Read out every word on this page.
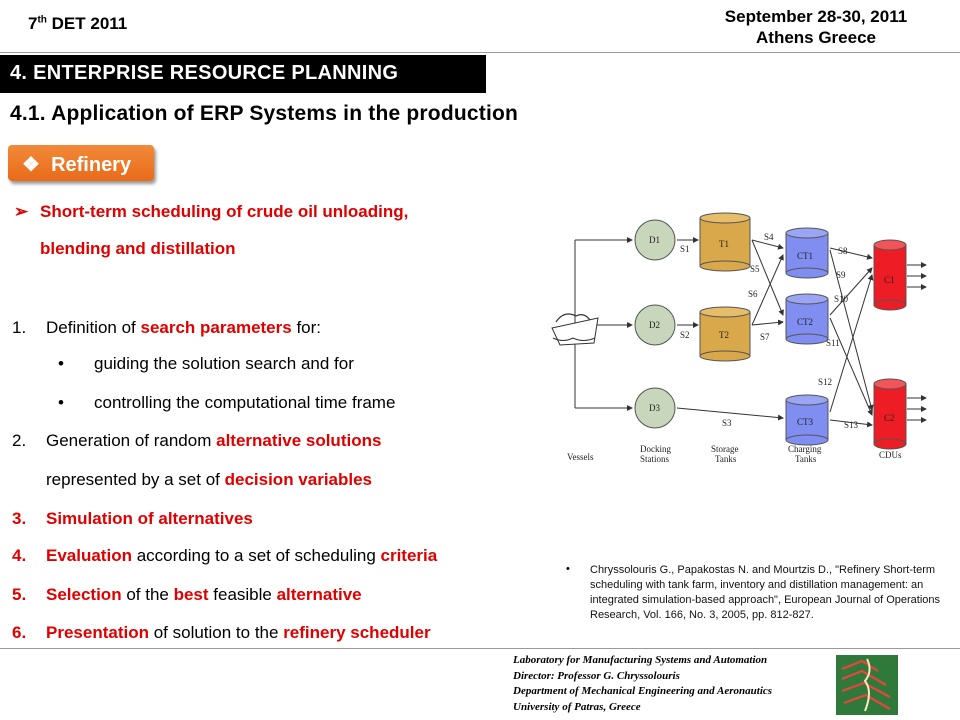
7th DET 2011	September 28-30, 2011
Athens Greece
4. ENTERPRISE RESOURCE PLANNING
4.1. Application of ERP Systems in the production
❖ Refinery
➢ Short-term scheduling of crude oil unloading,
blending and distillation
1. Definition of search parameters for:
• guiding the solution search and for
• controlling the computational time frame
2. Generation of random alternative solutions
represented by a set of decision variables
3. Simulation of alternatives
4. Evaluation according to a set of scheduling criteria
5. Selection of the best feasible alternative
6. Presentation of solution to the refinery scheduler
D1
D2
D3
T1
T2
CT1
CT2
CT3
C1
C2
S1
S2
S3
S4
S5
S6
S7
S8
S9
S10
S11
S12
S13
Vessels
Docking
Stations
Storage
Tanks
Charging
Tanks	CDUs
• Chryssolouris G., Papakostas N. and Mourtzis D., "Refinery Short-term scheduling with tank farm, inventory and distillation management: an integrated simulation-based approach", European Journal of Operations Research, Vol. 166, No. 3, 2005, pp. 812-827.
Laboratory for Manufacturing Systems and Automation
Director: Professor G. Chryssolouris
Department of Mechanical Engineering and Aeronautics
University of Patras, Greece
